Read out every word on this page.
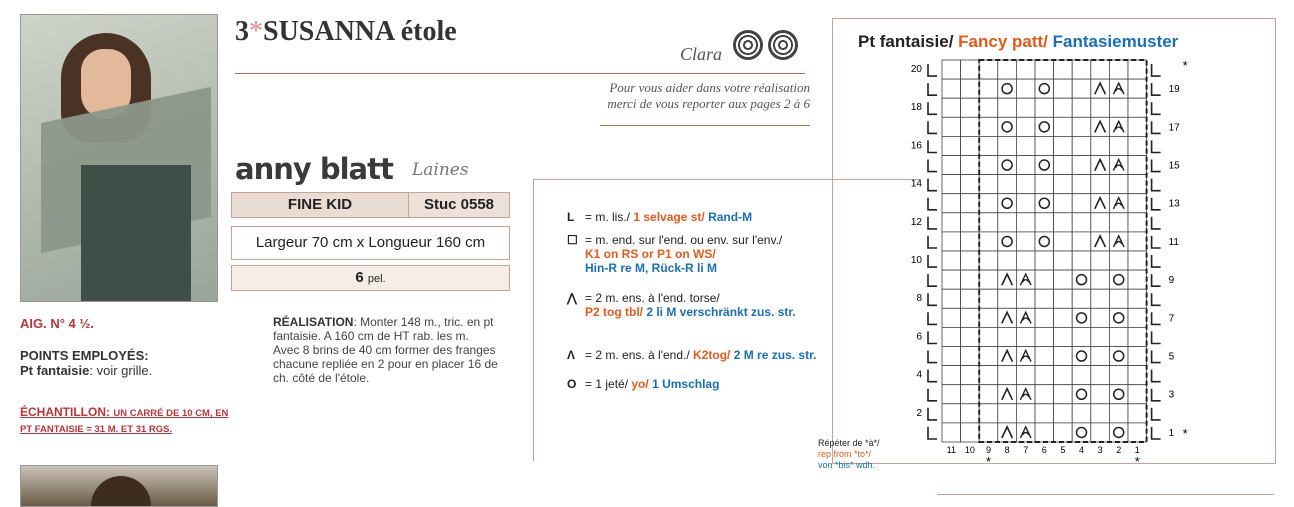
3*SUSANNA étole
Clara
Pour vous aider dans votre réalisation
merci de vous reporter aux pages 2 à 6
anny blatt Laines
FINE KID	Stuc 0558
Largeur 70 cm x Longueur 160 cm
6 pel.
AIG. N° 4 ½.
POINTS EMPLOYÉS:
Pt fantaisie: voir grille.
ÉCHANTILLON: UN CARRÉ DE 10 CM, EN PT FANTAISIE = 31 M. ET 31 RGS.
RÉALISATION: Monter 148 m., tric. en pt fantaisie. A 160 cm de HT rab. les m.
Avec 8 brins de 40 cm former des franges chacune repliée en 2 pour en placer 16 de ch. côté de l'étole.
L = m. lis./ 1 selvage st/ Rand-M
☐ = m. end. sur l'end. ou env. sur l'env./
K1 on RS or P1 on WS/
Hin-R re M, Rück-R li M
⋀ = 2 m. ens. à l'end. torse/
P2 tog tbl/ 2 li M verschränkt zus. str.
Λ = 2 m. ens. à l'end./ K2tog/ 2 M re zus. str.
O = 1 jeté/ yo/ 1 Umschlag
Pt fantaisie/ Fancy patt/ Fantasiemuster
20
18
16
14
12
10
8
6
4
2
19
17
15
13
11
9
7
5
3
1
11 10 9 8 7 6 5 4 3 2 1
*	*
*
*
Répéter de *à*/
rep from *to*/
von *bis* wdh.
